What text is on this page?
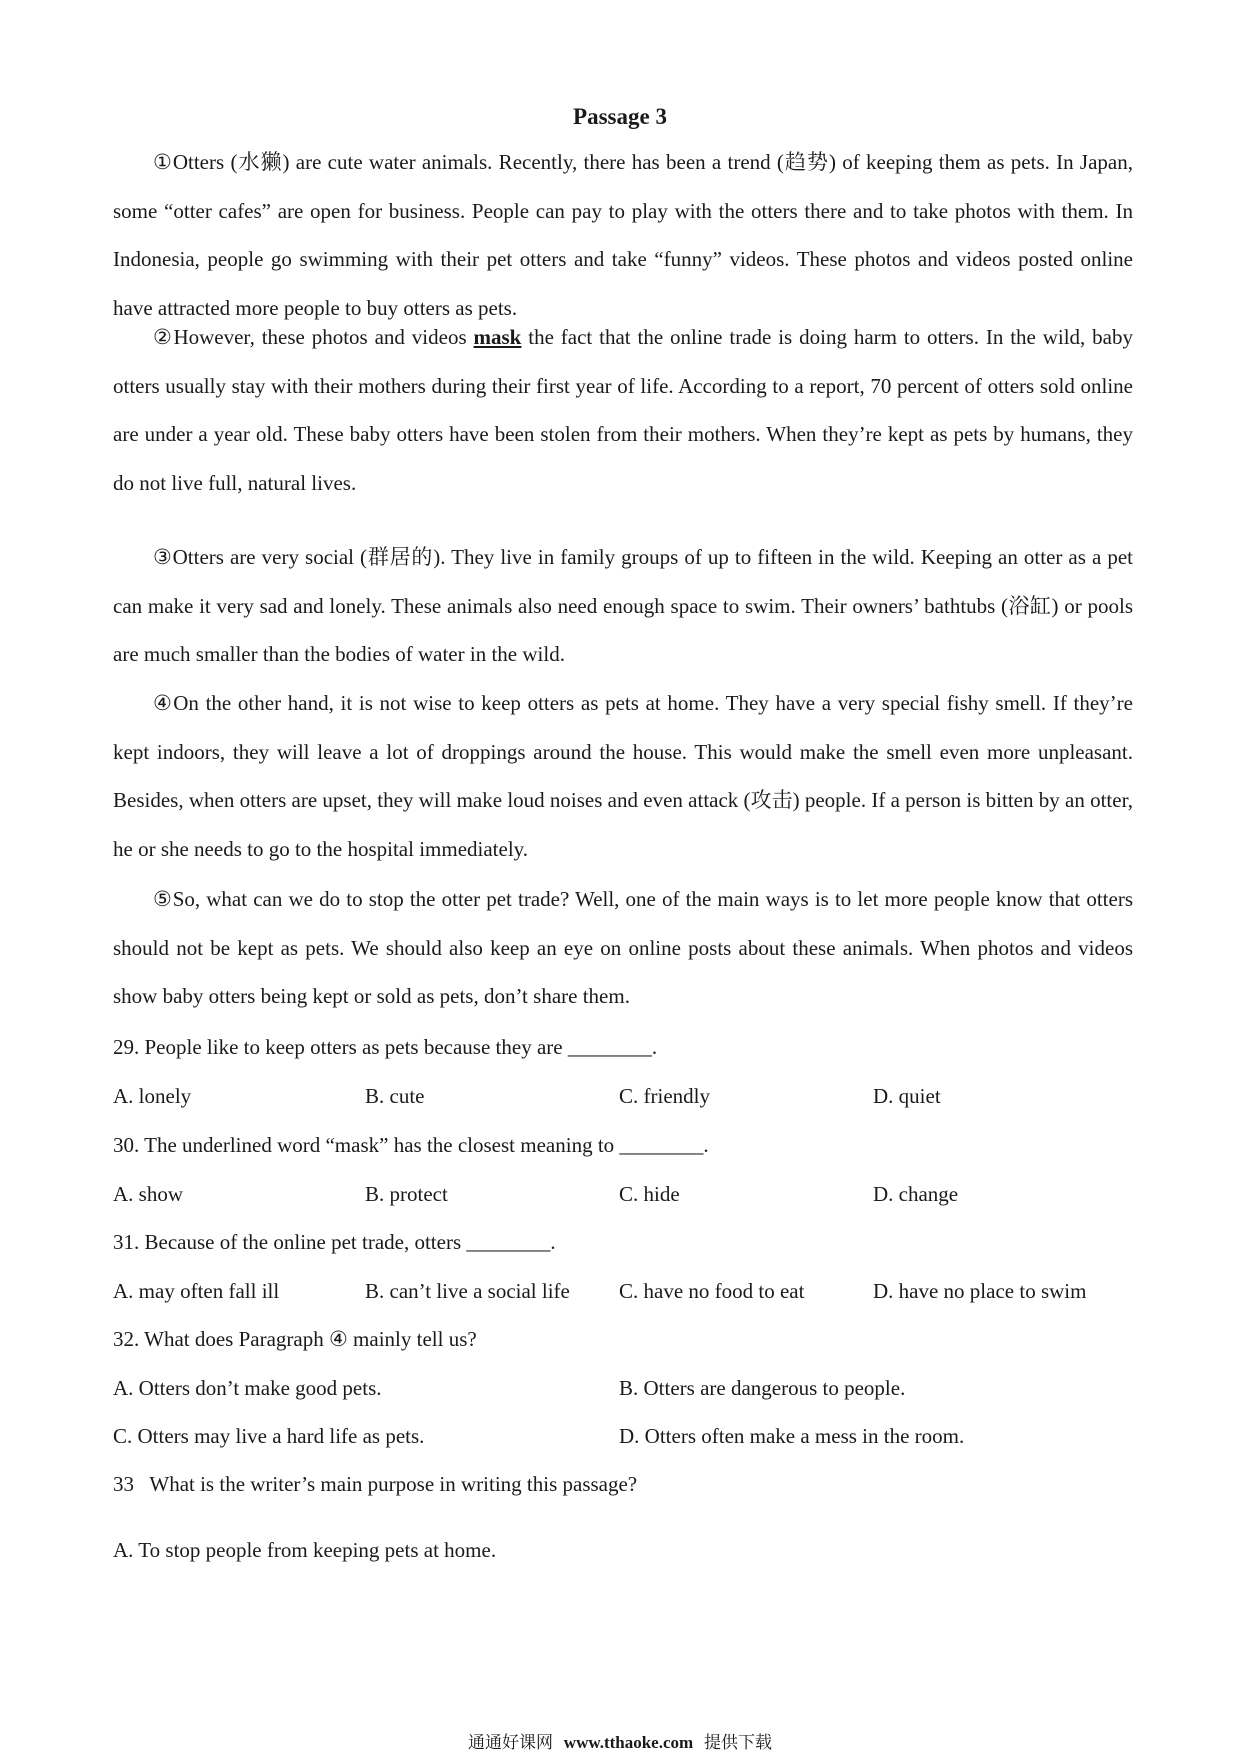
Passage 3

①Otters (水獭) are cute water animals. Recently, there has been a trend (趋势) of keeping them as pets. In Japan, some “otter cafes” are open for business. People can pay to play with the otters there and to take photos with them. In Indonesia, people go swimming with their pet otters and take “funny” videos. These photos and videos posted online have attracted more people to buy otters as pets.

②However, these photos and videos mask the fact that the online trade is doing harm to otters. In the wild, baby otters usually stay with their mothers during their first year of life. According to a report, 70 percent of otters sold online are under a year old. These baby otters have been stolen from their mothers. When they’re kept as pets by humans, they do not live full, natural lives.

③Otters are very social (群居的). They live in family groups of up to fifteen in the wild. Keeping an otter as a pet can make it very sad and lonely. These animals also need enough space to swim. Their owners’ bathtubs (浴缸) or pools are much smaller than the bodies of water in the wild.

④On the other hand, it is not wise to keep otters as pets at home. They have a very special fishy smell. If they’re kept indoors, they will leave a lot of droppings around the house. This would make the smell even more unpleasant. Besides, when otters are upset, they will make loud noises and even attack (攻击) people. If a person is bitten by an otter, he or she needs to go to the hospital immediately.

⑤So, what can we do to stop the otter pet trade? Well, one of the main ways is to let more people know that otters should not be kept as pets. We should also keep an eye on online posts about these animals. When photos and videos show baby otters being kept or sold as pets, don’t share them.

29. People like to keep otters as pets because they are ________.
A. lonely	B. cute	C. friendly	D. quiet
30. The underlined word “mask” has the closest meaning to ________.
A. show	B. protect	C. hide	D. change
31. Because of the online pet trade, otters ________.
A. may often fall ill	B. can’t live a social life C. have no food to eat	D. have no place to swim
32. What does Paragraph ④ mainly tell us?
A. Otters don’t make good pets.	B. Otters are dangerous to people.
C. Otters may live a hard life as pets.	D. Otters often make a mess in the room.
33   What is the writer’s main purpose in writing this passage?
A. To stop people from keeping pets at home.
通通好课网 www.tthaoke.com 提供下载
